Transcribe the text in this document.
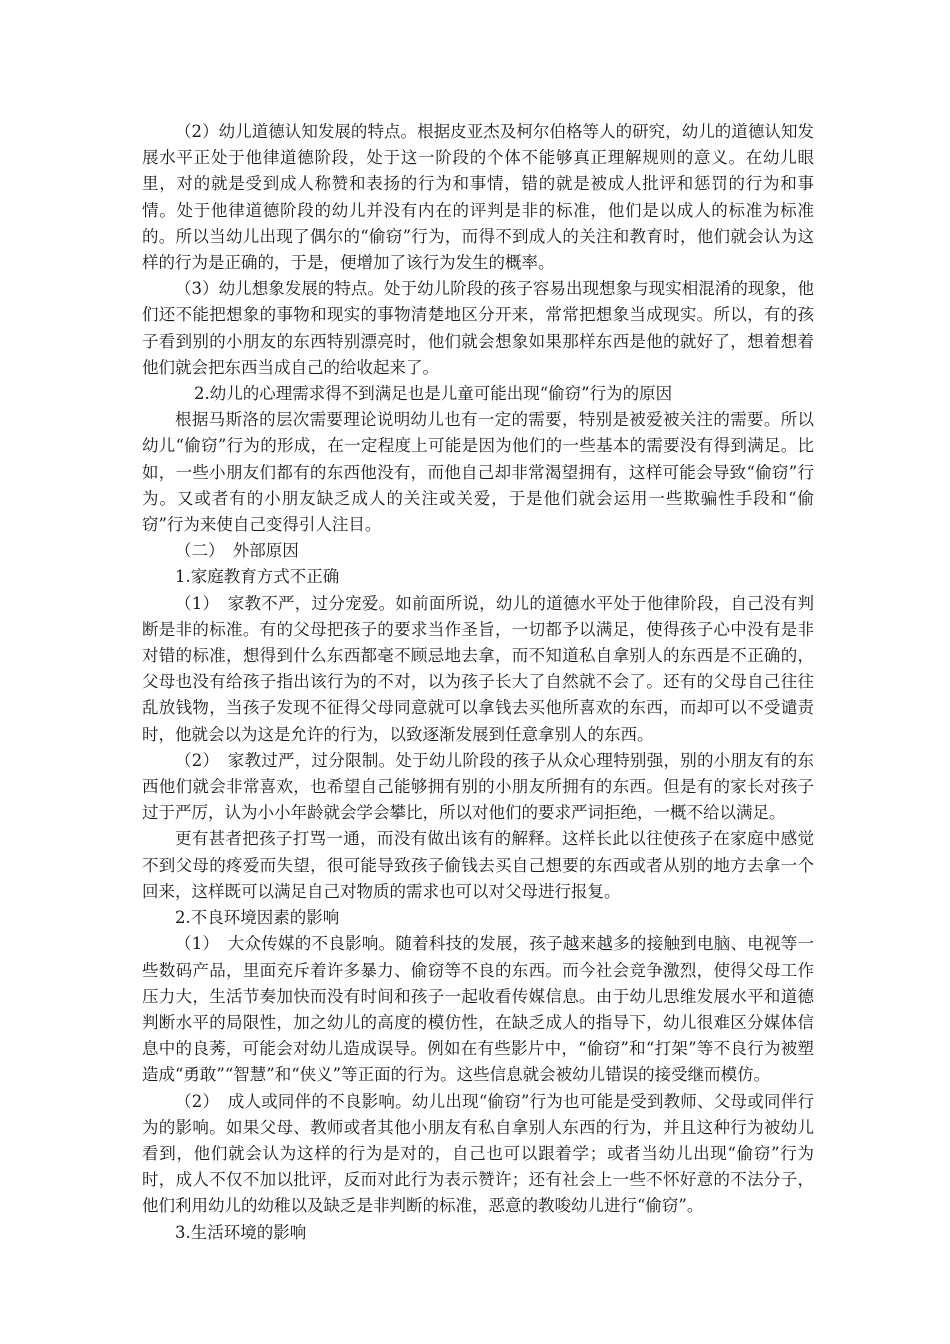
（2）幼儿道德认知发展的特点。根据皮亚杰及柯尔伯格等人的研究，幼儿的道德认知发展水平正处于他律道德阶段，处于这一阶段的个体不能够真正理解规则的意义。在幼儿眼里，对的就是受到成人称赞和表扬的行为和事情，错的就是被成人批评和惩罚的行为和事情。处于他律道德阶段的幼儿并没有内在的评判是非的标准，他们是以成人的标准为标准的。所以当幼儿出现了偶尔的“偷窃”行为，而得不到成人的关注和教育时，他们就会认为这样的行为是正确的，于是，便增加了该行为发生的概率。

（3）幼儿想象发展的特点。处于幼儿阶段的孩子容易出现想象与现实相混淆的现象，他们还不能把想象的事物和现实的事物清楚地区分开来，常常把想象当成现实。所以，有的孩子看到别的小朋友的东西特别漂亮时，他们就会想象如果那样东西是他的就好了，想着想着他们就会把东西当成自己的给收起来了。

2.幼儿的心理需求得不到满足也是儿童可能出现“偷窃”行为的原因

根据马斯洛的层次需要理论说明幼儿也有一定的需要，特别是被爱被关注的需要。所以幼儿“偷窃”行为的形成，在一定程度上可能是因为他们的一些基本的需要没有得到满足。比如，一些小朋友们都有的东西他没有，而他自己却非常渴望拥有，这样可能会导致“偷窃”行为。又或者有的小朋友缺乏成人的关注或关爱，于是他们就会运用一些欺骗性手段和“偷窃”行为来使自己变得引人注目。

（二）　外部原因

1.家庭教育方式不正确

（1）　家教不严，过分宠爱。如前面所说，幼儿的道德水平处于他律阶段，自己没有判断是非的标准。有的父母把孩子的要求当作圣旨，一切都予以满足，使得孩子心中没有是非对错的标准，想得到什么东西都毫不顾忌地去拿，而不知道私自拿别人的东西是不正确的，父母也没有给孩子指出该行为的不对，以为孩子长大了自然就不会了。还有的父母自己往往乱放钱物，当孩子发现不征得父母同意就可以拿钱去买他所喜欢的东西，而却可以不受谴责时，他就会以为这是允许的行为，以致逐渐发展到任意拿别人的东西。

（2）　家教过严，过分限制。处于幼儿阶段的孩子从众心理特别强，别的小朋友有的东西他们就会非常喜欢，也希望自己能够拥有别的小朋友所拥有的东西。但是有的家长对孩子过于严厉，认为小小年龄就会学会攀比，所以对他们的要求严词拒绝，一概不给以满足。

更有甚者把孩子打骂一通，而没有做出该有的解释。这样长此以往使孩子在家庭中感觉不到父母的疼爱而失望，很可能导致孩子偷钱去买自己想要的东西或者从别的地方去拿一个回来，这样既可以满足自己对物质的需求也可以对父母进行报复。

2.不良环境因素的影响

（1）　大众传媒的不良影响。随着科技的发展，孩子越来越多的接触到电脑、电视等一些数码产品，里面充斥着许多暴力、偷窃等不良的东西。而今社会竞争激烈，使得父母工作压力大，生活节奏加快而没有时间和孩子一起收看传媒信息。由于幼儿思维发展水平和道德判断水平的局限性，加之幼儿的高度的模仿性，在缺乏成人的指导下，幼儿很难区分媒体信息中的良莠，可能会对幼儿造成误导。例如在有些影片中，“偷窃”和“打架”等不良行为被塑造成“勇敢”“智慧”和“侠义”等正面的行为。这些信息就会被幼儿错误的接受继而模仿。

（2）　成人或同伴的不良影响。幼儿出现“偷窃”行为也可能是受到教师、父母或同伴行为的影响。如果父母、教师或者其他小朋友有私自拿别人东西的行为，并且这种行为被幼儿看到，他们就会认为这样的行为是对的，自己也可以跟着学；或者当幼儿出现“偷窃”行为时，成人不仅不加以批评，反而对此行为表示赞许；还有社会上一些不怀好意的不法分子，他们利用幼儿的幼稚以及缺乏是非判断的标准，恶意的教唆幼儿进行“偷窃”。

3.生活环境的影响
